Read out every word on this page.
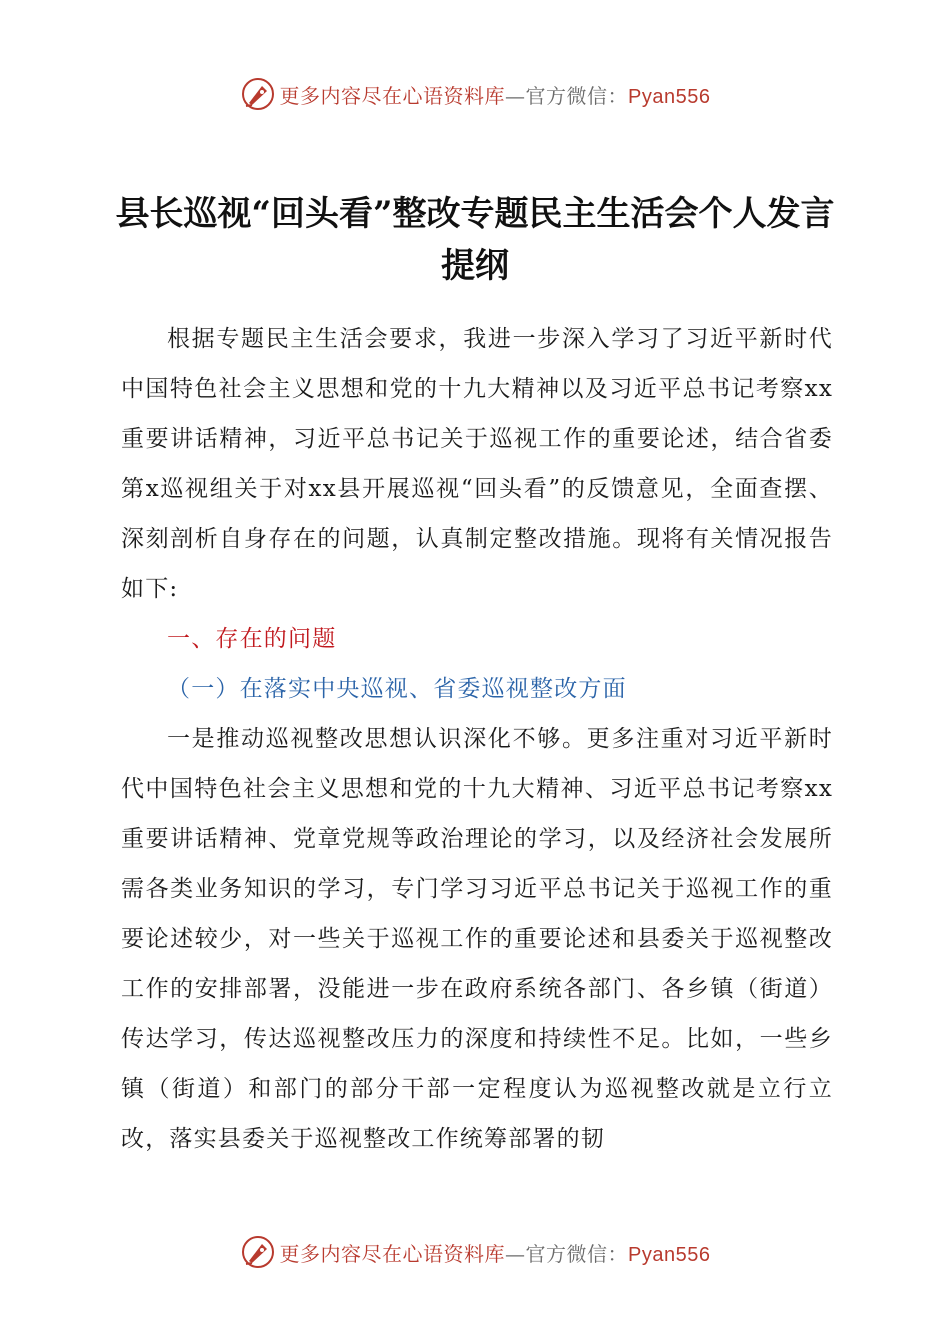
更多内容尽在心语资料库—官方微信：Pyan556
县长巡视“回头看”整改专题民主生活会个人发言提纲

根据专题民主生活会要求，我进一步深入学习了习近平新时代中国特色社会主义思想和党的十九大精神以及习近平总书记考察xx重要讲话精神，习近平总书记关于巡视工作的重要论述，结合省委第x巡视组关于对xx县开展巡视“回头看”的反馈意见，全面查摆、深刻剖析自身存在的问题，认真制定整改措施。现将有关情况报告如下:

一、存在的问题

（一）在落实中央巡视、省委巡视整改方面

一是推动巡视整改思想认识深化不够。更多注重对习近平新时代中国特色社会主义思想和党的十九大精神、习近平总书记考察xx重要讲话精神、党章党规等政治理论的学习，以及经济社会发展所需各类业务知识的学习，专门学习习近平总书记关于巡视工作的重要论述较少，对一些关于巡视工作的重要论述和县委关于巡视整改工作的安排部署，没能进一步在政府系统各部门、各乡镇（街道）传达学习，传达巡视整改压力的深度和持续性不足。比如，一些乡镇（街道）和部门的部分干部一定程度认为巡视整改就是立行立改，落实县委关于巡视整改工作统筹部署的韧

更多内容尽在心语资料库—官方微信：Pyan556
